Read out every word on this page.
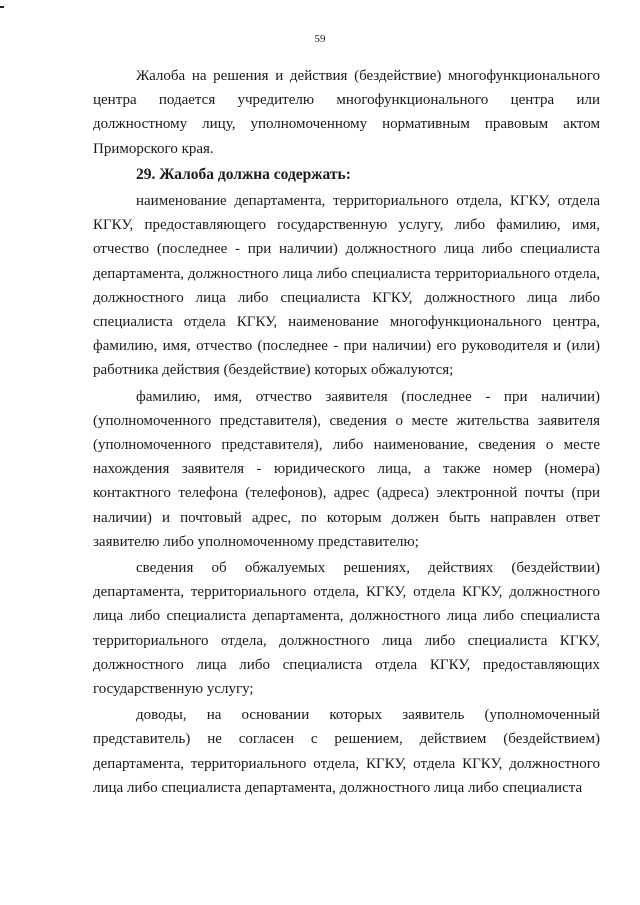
59

Жалоба на решения и действия (бездействие) многофункционального центра подается учредителю многофункционального центра или должностному лицу, уполномоченному нормативным правовым актом Приморского края.

29. Жалоба должна содержать:

наименование департамента, территориального отдела, КГКУ, отдела КГКУ, предоставляющего государственную услугу, либо фамилию, имя, отчество (последнее - при наличии) должностного лица либо специалиста департамента, должностного лица либо специалиста территориального отдела, должностного лица либо специалиста КГКУ, должностного лица либо специалиста отдела КГКУ, наименование многофункционального центра, фамилию, имя, отчество (последнее - при наличии) его руководителя и (или) работника действия (бездействие) которых обжалуются;

фамилию, имя, отчество заявителя (последнее - при наличии) (уполномоченного представителя), сведения о месте жительства заявителя (уполномоченного представителя), либо наименование, сведения о месте нахождения заявителя - юридического лица, а также номер (номера) контактного телефона (телефонов), адрес (адреса) электронной почты (при наличии) и почтовый адрес, по которым должен быть направлен ответ заявителю либо уполномоченному представителю;

сведения об обжалуемых решениях, действиях (бездействии) департамента, территориального отдела, КГКУ, отдела КГКУ, должностного лица либо специалиста департамента, должностного лица либо специалиста территориального отдела, должностного лица либо специалиста КГКУ, должностного лица либо специалиста отдела КГКУ, предоставляющих государственную услугу;

доводы, на основании которых заявитель (уполномоченный представитель) не согласен с решением, действием (бездействием) департамента, территориального отдела, КГКУ, отдела КГКУ, должностного лица либо специалиста департамента, должностного лица либо специалиста
